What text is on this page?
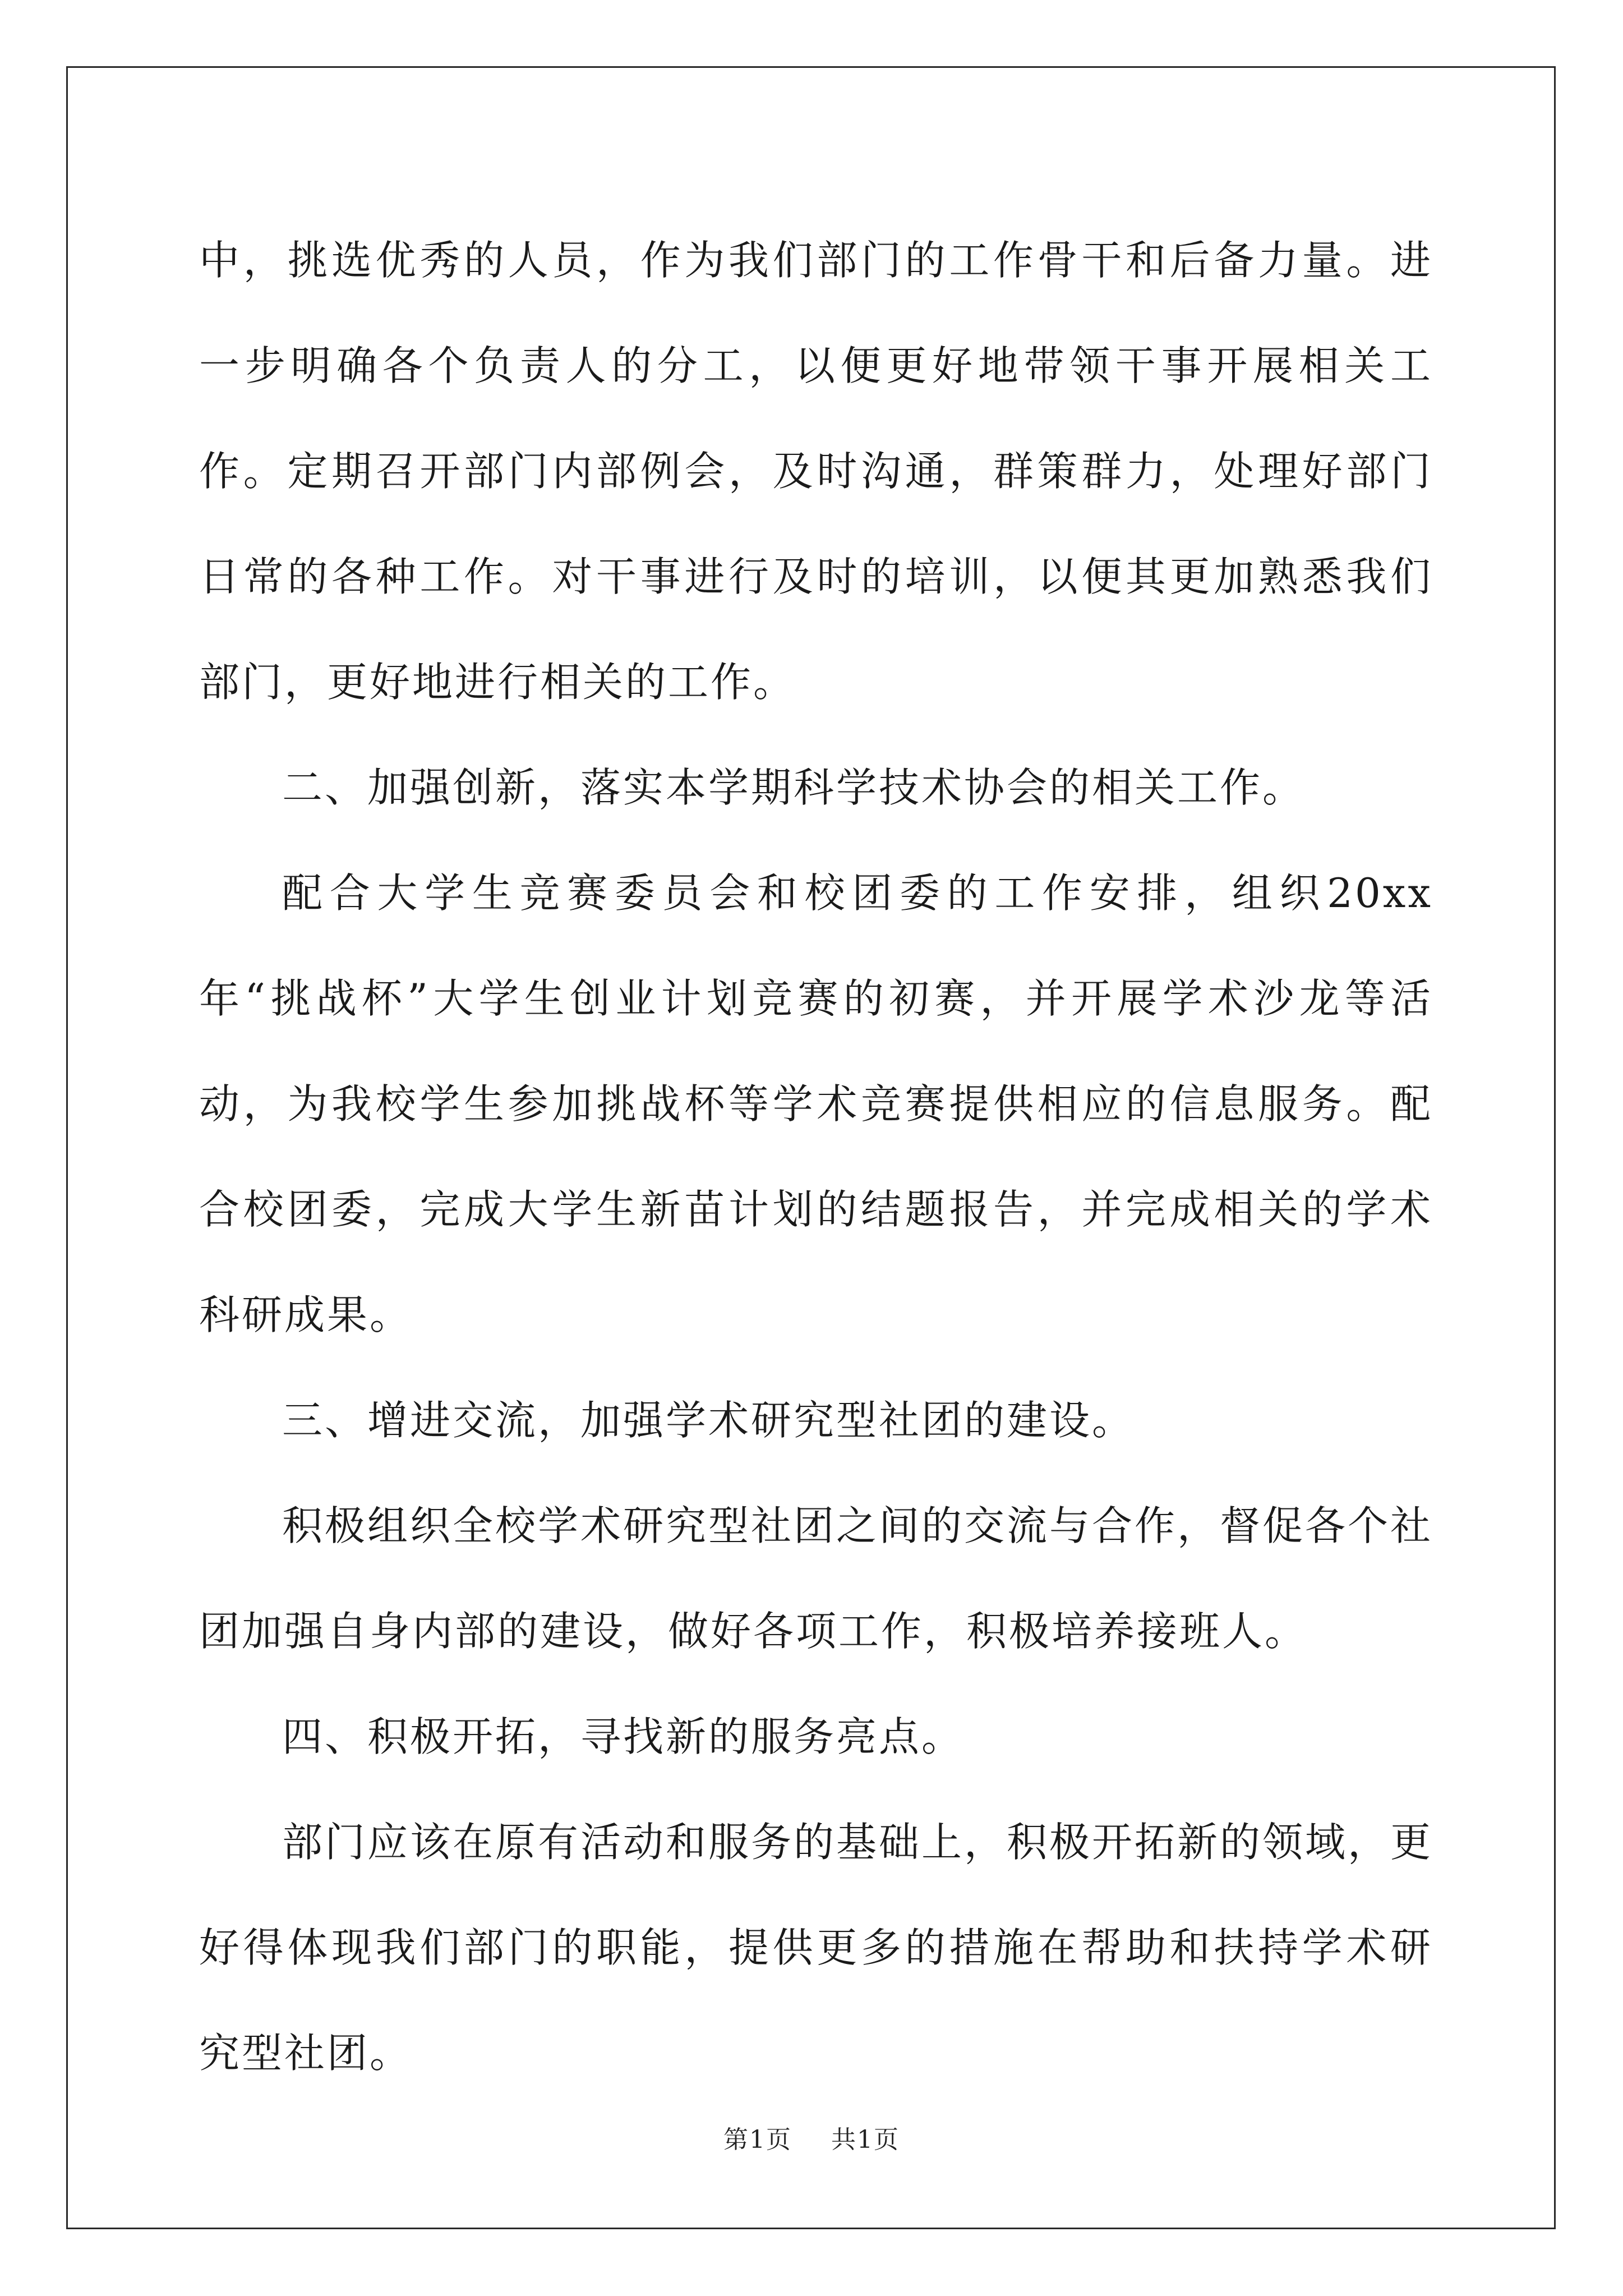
中，挑选优秀的人员，作为我们部门的工作骨干和后备力量。进一步明确各个负责人的分工，以便更好地带领干事开展相关工作。定期召开部门内部例会，及时沟通，群策群力，处理好部门日常的各种工作。对干事进行及时的培训，以便其更加熟悉我们部门，更好地进行相关的工作。

二、加强创新，落实本学期科学技术协会的相关工作。

配合大学生竞赛委员会和校团委的工作安排，组织20xx年“挑战杯”大学生创业计划竞赛的初赛，并开展学术沙龙等活动，为我校学生参加挑战杯等学术竞赛提供相应的信息服务。配合校团委，完成大学生新苗计划的结题报告，并完成相关的学术科研成果。

三、增进交流，加强学术研究型社团的建设。

积极组织全校学术研究型社团之间的交流与合作，督促各个社团加强自身内部的建设，做好各项工作，积极培养接班人。

四、积极开拓，寻找新的服务亮点。

部门应该在原有活动和服务的基础上，积极开拓新的领域，更好得体现我们部门的职能，提供更多的措施在帮助和扶持学术研究型社团。

第1页 共1页
